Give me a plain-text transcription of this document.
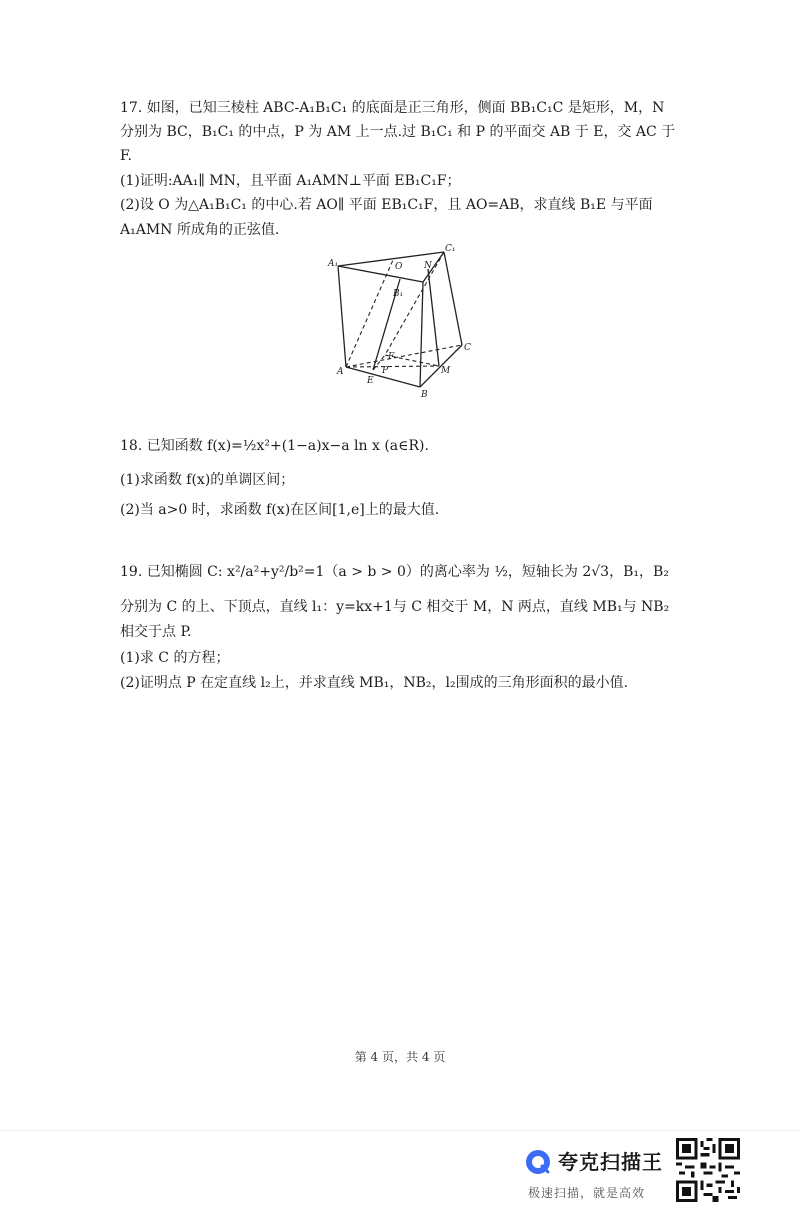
17. 如图，已知三棱柱 ABC-A₁B₁C₁ 的底面是正三角形，侧面 BB₁C₁C 是矩形，M，N
分别为 BC，B₁C₁ 的中点，P 为 AM 上一点.过 B₁C₁ 和 P 的平面交 AB 于 E，交 AC 于
F.
(1)证明:AA₁∥ MN，且平面 A₁AMN⊥平面 EB₁C₁F；
(2)设 O 为△A₁B₁C₁ 的中心.若 AO∥ 平面 EB₁C₁F，且 AO=AB，求直线 B₁E 与平面
A₁AMN 所成角的正弦值.
A₁	O N
C₁
B₁
F
P
A
E
M
C
B
18. 已知函数 f(x)=½x²+(1−a)x−a ln x (a∈R).
(1)求函数 f(x)的单调区间；
(2)当 a>0 时，求函数 f(x)在区间[1,e]上的最大值.
19. 已知椭圆 C: x²/a²+y²/b²=1（a > b > 0）的离心率为 ½，短轴长为 2√3，B₁，B₂
分别为 C 的上、下顶点，直线 l₁：y=kx+1与 C 相交于 M，N 两点，直线 MB₁与 NB₂
相交于点 P.
(1)求 C 的方程；
(2)证明点 P 在定直线 l₂上，并求直线 MB₁，NB₂，l₂围成的三角形面积的最小值.
第 4 页，共 4 页
夸克扫描王
极速扫描，就是高效
